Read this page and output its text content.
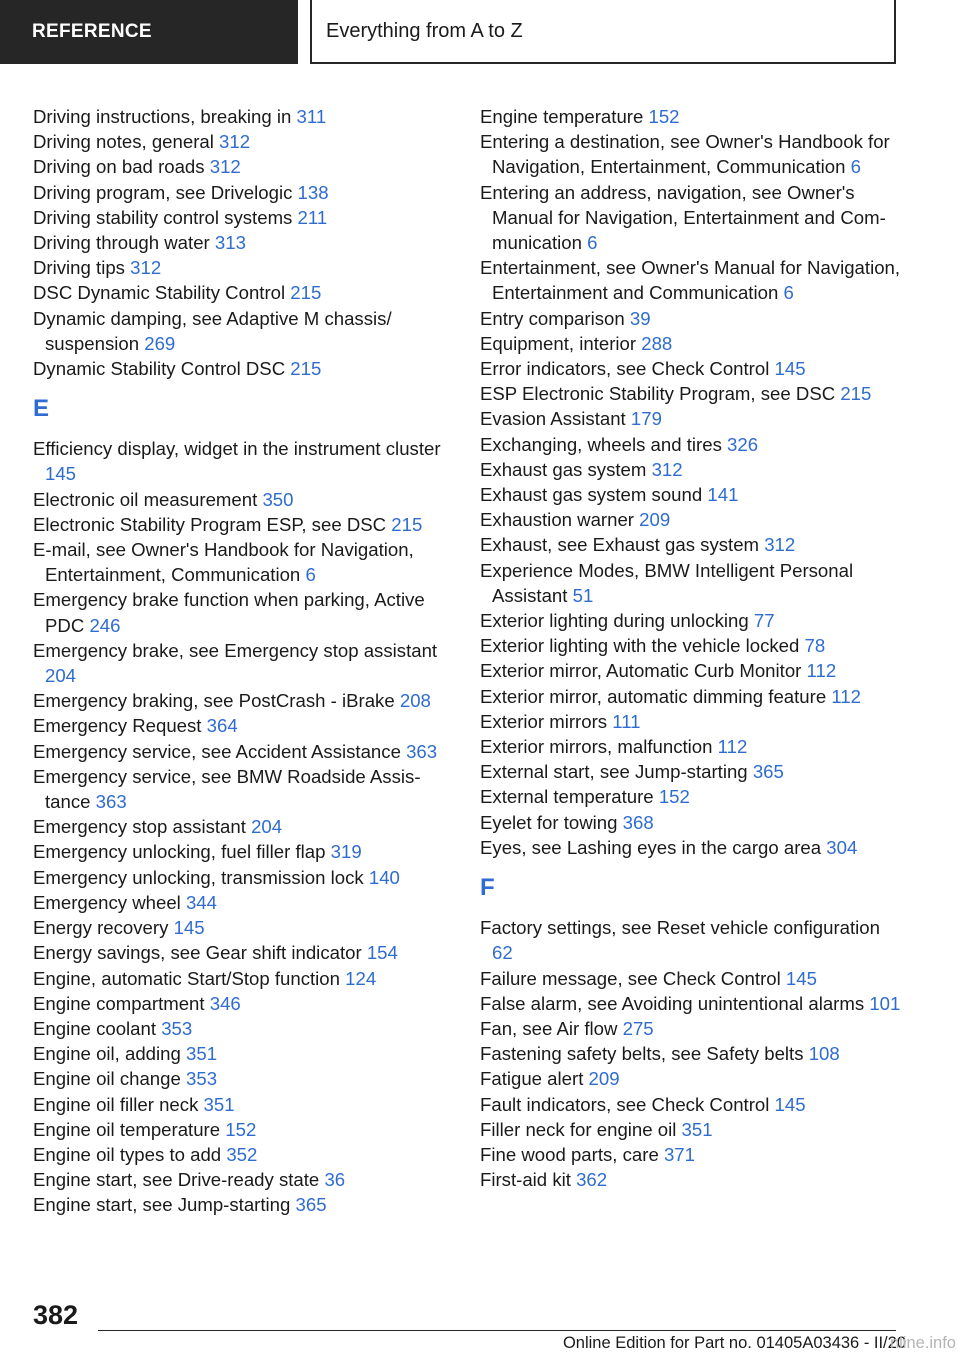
REFERENCE	Everything from A to Z
Driving instructions, breaking in 311
Driving notes, general 312
Driving on bad roads 312
Driving program, see Drivelogic 138
Driving stability control systems 211
Driving through water 313
Driving tips 312
DSC Dynamic Stability Control 215
Dynamic damping, see Adaptive M chassis/ suspension 269
Dynamic Stability Control DSC 215
E
Efficiency display, widget in the instrument cluster 145
Electronic oil measurement 350
Electronic Stability Program ESP, see DSC 215
E-mail, see Owner's Handbook for Navigation, Entertainment, Communication 6
Emergency brake function when parking, Active PDC 246
Emergency brake, see Emergency stop assistant 204
Emergency braking, see PostCrash - iBrake 208
Emergency Request 364
Emergency service, see Accident Assistance 363
Emergency service, see BMW Roadside Assistance 363
Emergency stop assistant 204
Emergency unlocking, fuel filler flap 319
Emergency unlocking, transmission lock 140
Emergency wheel 344
Energy recovery 145
Energy savings, see Gear shift indicator 154
Engine, automatic Start/Stop function 124
Engine compartment 346
Engine coolant 353
Engine oil, adding 351
Engine oil change 353
Engine oil filler neck 351
Engine oil temperature 152
Engine oil types to add 352
Engine start, see Drive-ready state 36
Engine start, see Jump-starting 365
Engine temperature 152
Entering a destination, see Owner's Handbook for Navigation, Entertainment, Communication 6
Entering an address, navigation, see Owner's Manual for Navigation, Entertainment and Communication 6
Entertainment, see Owner's Manual for Navigation, Entertainment and Communication 6
Entry comparison 39
Equipment, interior 288
Error indicators, see Check Control 145
ESP Electronic Stability Program, see DSC 215
Evasion Assistant 179
Exchanging, wheels and tires 326
Exhaust gas system 312
Exhaust gas system sound 141
Exhaustion warner 209
Exhaust, see Exhaust gas system 312
Experience Modes, BMW Intelligent Personal Assistant 51
Exterior lighting during unlocking 77
Exterior lighting with the vehicle locked 78
Exterior mirror, Automatic Curb Monitor 112
Exterior mirror, automatic dimming feature 112
Exterior mirrors 111
Exterior mirrors, malfunction 112
External start, see Jump-starting 365
External temperature 152
Eyelet for towing 368
Eyes, see Lashing eyes in the cargo area 304
F
Factory settings, see Reset vehicle configuration 62
Failure message, see Check Control 145
False alarm, see Avoiding unintentional alarms 101
Fan, see Air flow 275
Fastening safety belts, see Safety belts 108
Fatigue alert 209
Fault indicators, see Check Control 145
Filler neck for engine oil 351
Fine wood parts, care 371
First-aid kit 362
382
Online Edition for Part no. 01405A03436 - II/20
nline.info
